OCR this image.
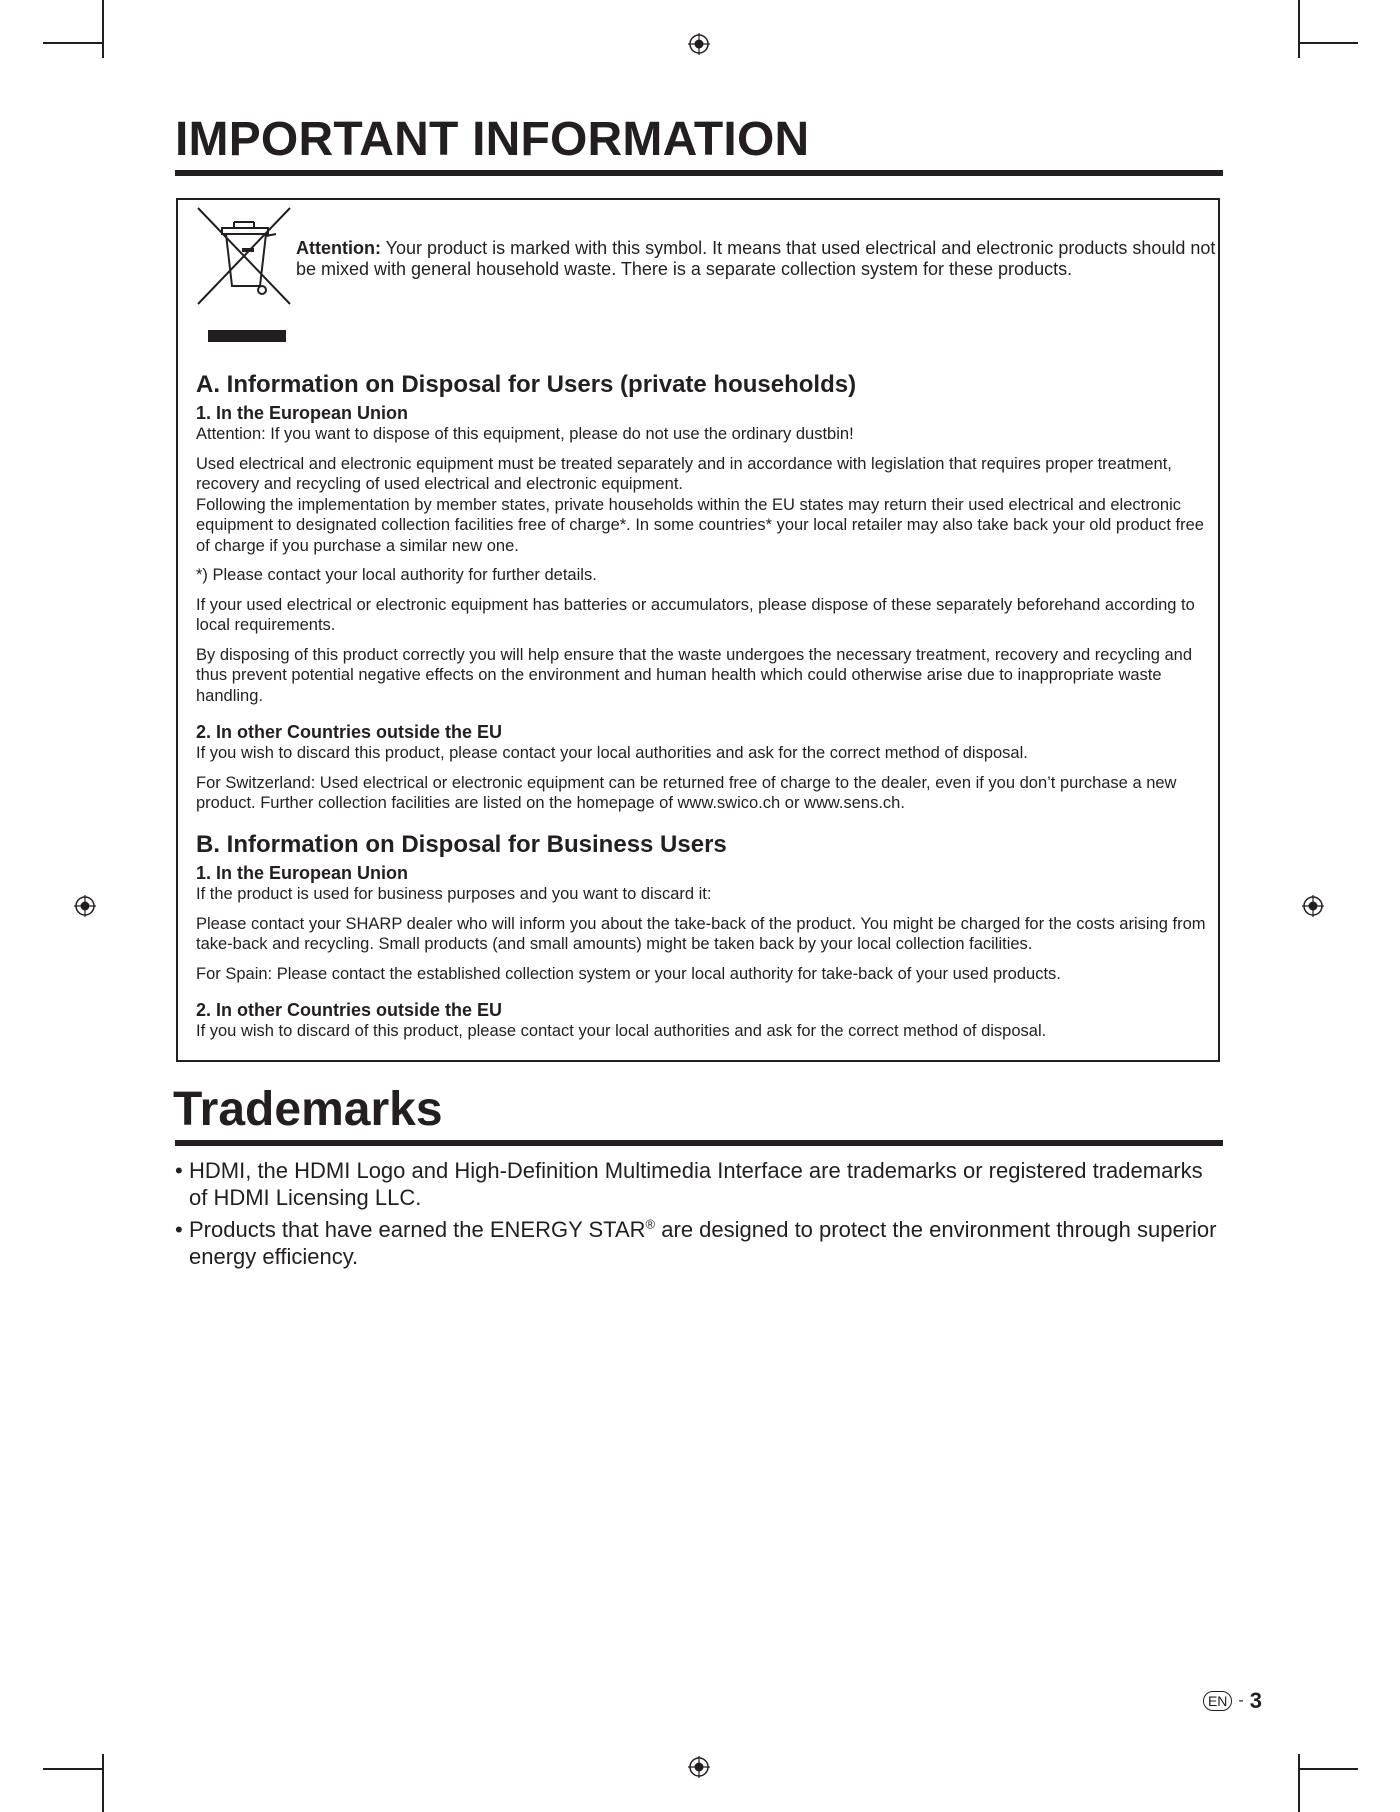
IMPORTANT INFORMATION

Attention: Your product is marked with this symbol. It means that used electrical and electronic products should not be mixed with general household waste. There is a separate collection system for these products.

A. Information on Disposal for Users (private households)
1. In the European Union

Attention: If you want to dispose of this equipment, please do not use the ordinary dustbin!

Used electrical and electronic equipment must be treated separately and in accordance with legislation that requires proper treatment, recovery and recycling of used electrical and electronic equipment.

Following the implementation by member states, private households within the EU states may return their used electrical and electronic equipment to designated collection facilities free of charge*. In some countries* your local retailer may also take back your old product free of charge if you purchase a similar new one.

*) Please contact your local authority for further details.

If your used electrical or electronic equipment has batteries or accumulators, please dispose of these separately beforehand according to local requirements.

By disposing of this product correctly you will help ensure that the waste undergoes the necessary treatment, recovery and recycling and thus prevent potential negative effects on the environment and human health which could otherwise arise due to inappropriate waste handling.

2. In other Countries outside the EU

If you wish to discard this product, please contact your local authorities and ask for the correct method of disposal.

For Switzerland: Used electrical or electronic equipment can be returned free of charge to the dealer, even if you don’t purchase a new product. Further collection facilities are listed on the homepage of www.swico.ch or www.sens.ch.

B. Information on Disposal for Business Users
1. In the European Union

If the product is used for business purposes and you want to discard it:

Please contact your SHARP dealer who will inform you about the take-back of the product. You might be charged for the costs arising from take-back and recycling. Small products (and small amounts) might be taken back by your local collection facilities.

For Spain: Please contact the established collection system or your local authority for take-back of your used products.

2. In other Countries outside the EU

If you wish to discard of this product, please contact your local authorities and ask for the correct method of disposal.

Trademarks
• HDMI, the HDMI Logo and High-Definition Multimedia Interface are trademarks or registered trademarks of HDMI Licensing LLC.
• Products that have earned the ENERGY STAR® are designed to protect the environment through superior energy efficiency.
EN - 3
